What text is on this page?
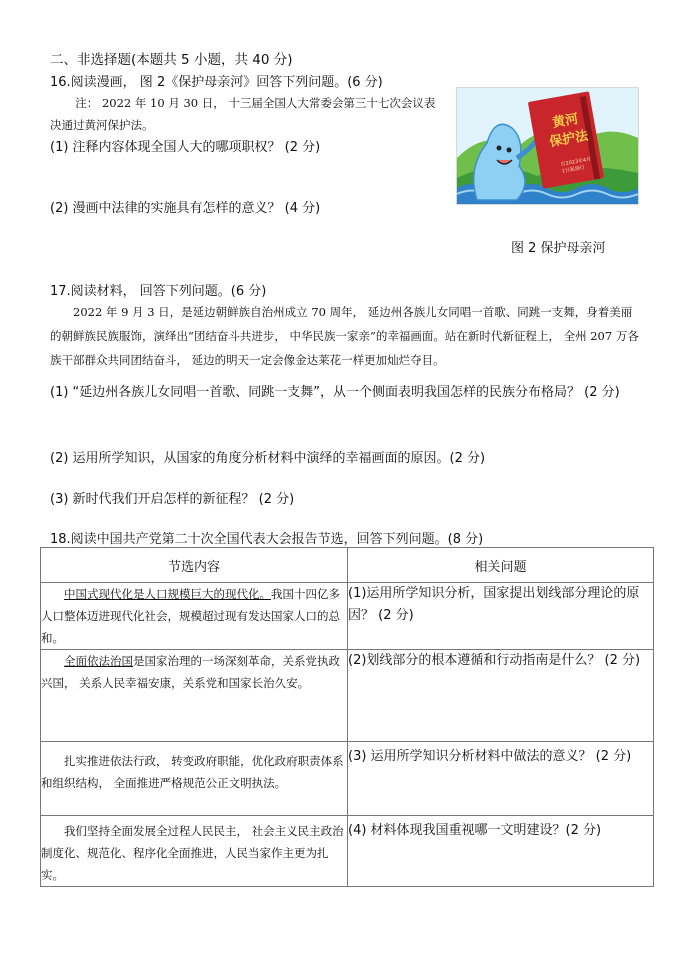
二、非选择题(本题共 5 小题，共 40 分)
16.阅读漫画， 图 2《保护母亲河》回答下列问题。(6 分)
注： 2022 年 10 月 30 日， 十三届全国人大常委会第三十七次会议表决通过黄河保护法。
(1) 注释内容体现全国人大的哪项职权？ (2 分)
(2) 漫画中法律的实施具有怎样的意义？ (4 分)
黄河
保护法
自2023年4月1日起施行
图 2 保护母亲河
17.阅读材料， 回答下列问题。(6 分)
2022 年 9 月 3 日，是延边朝鲜族自治州成立 70 周年， 延边州各族儿女同唱一首歌、同跳一支舞，身着美丽的朝鲜族民族服饰，演绎出“团结奋斗共进步， 中华民族一家亲”的幸福画面。站在新时代新征程上， 全州 207 万各族干部群众共同团结奋斗， 延边的明天一定会像金达莱花一样更加灿烂夺目。
(1) “延边州各族儿女同唱一首歌、同跳一支舞”，从一个侧面表明我国怎样的民族分布格局？ (2 分)
(2) 运用所学知识，从国家的角度分析材料中演绎的幸福画面的原因。(2 分)
(3) 新时代我们开启怎样的新征程？ (2 分)
18.阅读中国共产党第二十次全国代表大会报告节选，回答下列问题。(8 分)
节选内容	相关问题
中国式现代化是人口规模巨大的现代化。我国十四亿多人口整体迈进现代化社会，规模超过现有发达国家人口的总和。	(1)运用所学知识分析，国家提出划线部分理论的原因？ (2 分)
全面依法治国是国家治理的一场深刻革命，关系党执政兴国， 关系人民幸福安康，关系党和国家长治久安。	(2)划线部分的根本遵循和行动指南是什么？ (2 分)
扎实推进依法行政， 转变政府职能，优化政府职责体系和组织结构， 全面推进严格规范公正文明执法。	(3) 运用所学知识分析材料中做法的意义？ (2 分)
我们坚持全面发展全过程人民民主， 社会主义民主政治制度化、规范化、程序化全面推进，人民当家作主更为扎实。	(4) 材料体现我国重视哪一文明建设？(2 分)
